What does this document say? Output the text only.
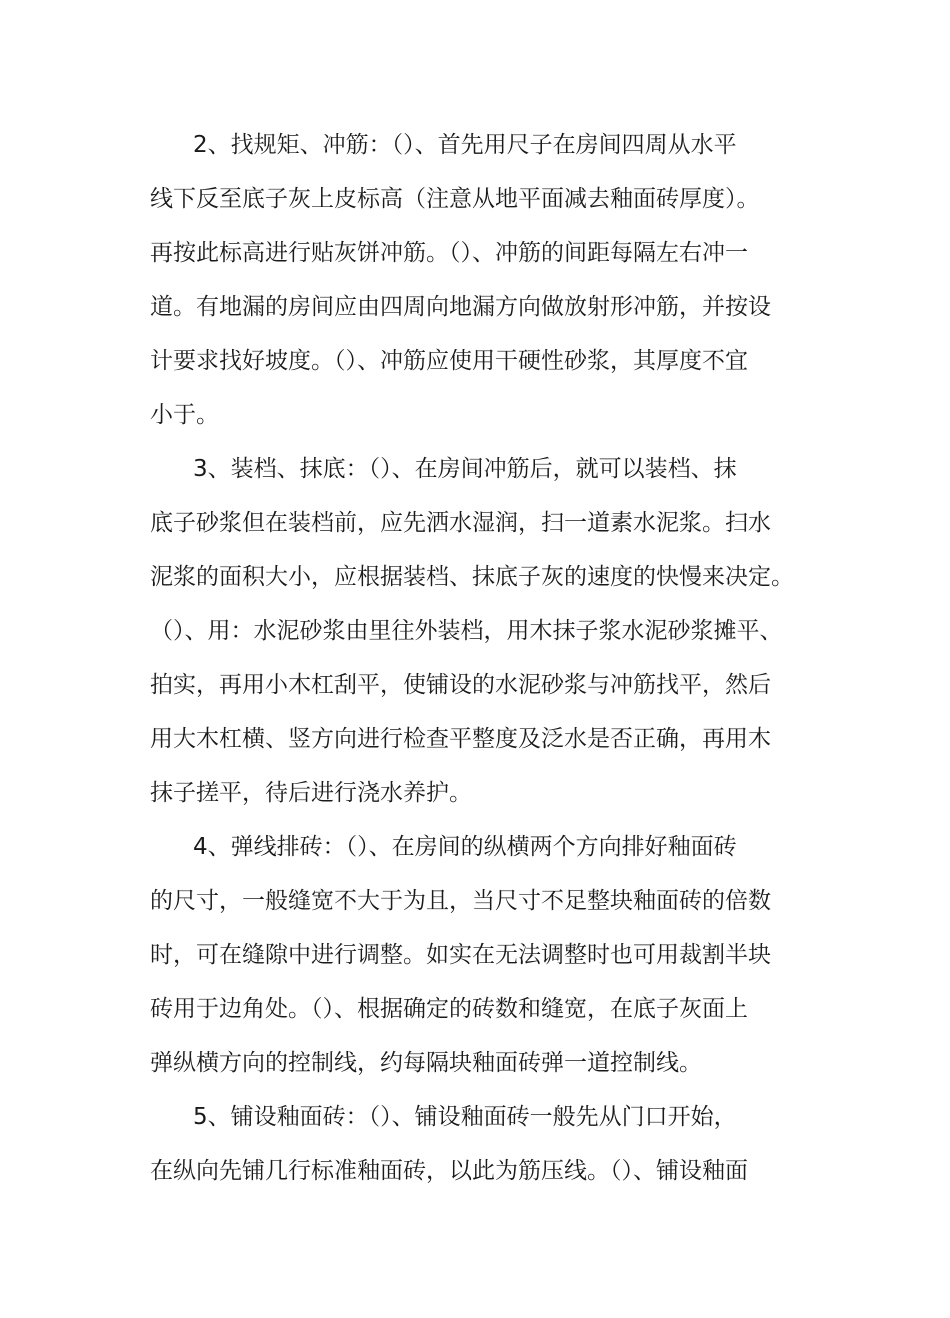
2、找规矩、冲筋：（）、首先用尺子在房间四周从水平
线下反至底子灰上皮标高（注意从地平面减去釉面砖厚度）。
再按此标高进行贴灰饼冲筋。（）、冲筋的间距每隔左右冲一
道。有地漏的房间应由四周向地漏方向做放射形冲筋，并按设
计要求找好坡度。（）、冲筋应使用干硬性砂浆，其厚度不宜
小于。
3、装档、抹底：（）、在房间冲筋后，就可以装档、抹
底子砂浆但在装档前，应先洒水湿润，扫一道素水泥浆。扫水
泥浆的面积大小，应根据装档、抹底子灰的速度的快慢来决定。
（）、用：水泥砂浆由里往外装档，用木抹子浆水泥砂浆摊平、
拍实，再用小木杠刮平，使铺设的水泥砂浆与冲筋找平，然后
用大木杠横、竖方向进行检查平整度及泛水是否正确，再用木
抹子搓平，待后进行浇水养护。
4、弹线排砖：（）、在房间的纵横两个方向排好釉面砖
的尺寸，一般缝宽不大于为且，当尺寸不足整块釉面砖的倍数
时，可在缝隙中进行调整。如实在无法调整时也可用裁割半块
砖用于边角处。（）、根据确定的砖数和缝宽，在底子灰面上
弹纵横方向的控制线，约每隔块釉面砖弹一道控制线。
5、铺设釉面砖：（）、铺设釉面砖一般先从门口开始，
在纵向先铺几行标准釉面砖，以此为筋压线。（）、铺设釉面
